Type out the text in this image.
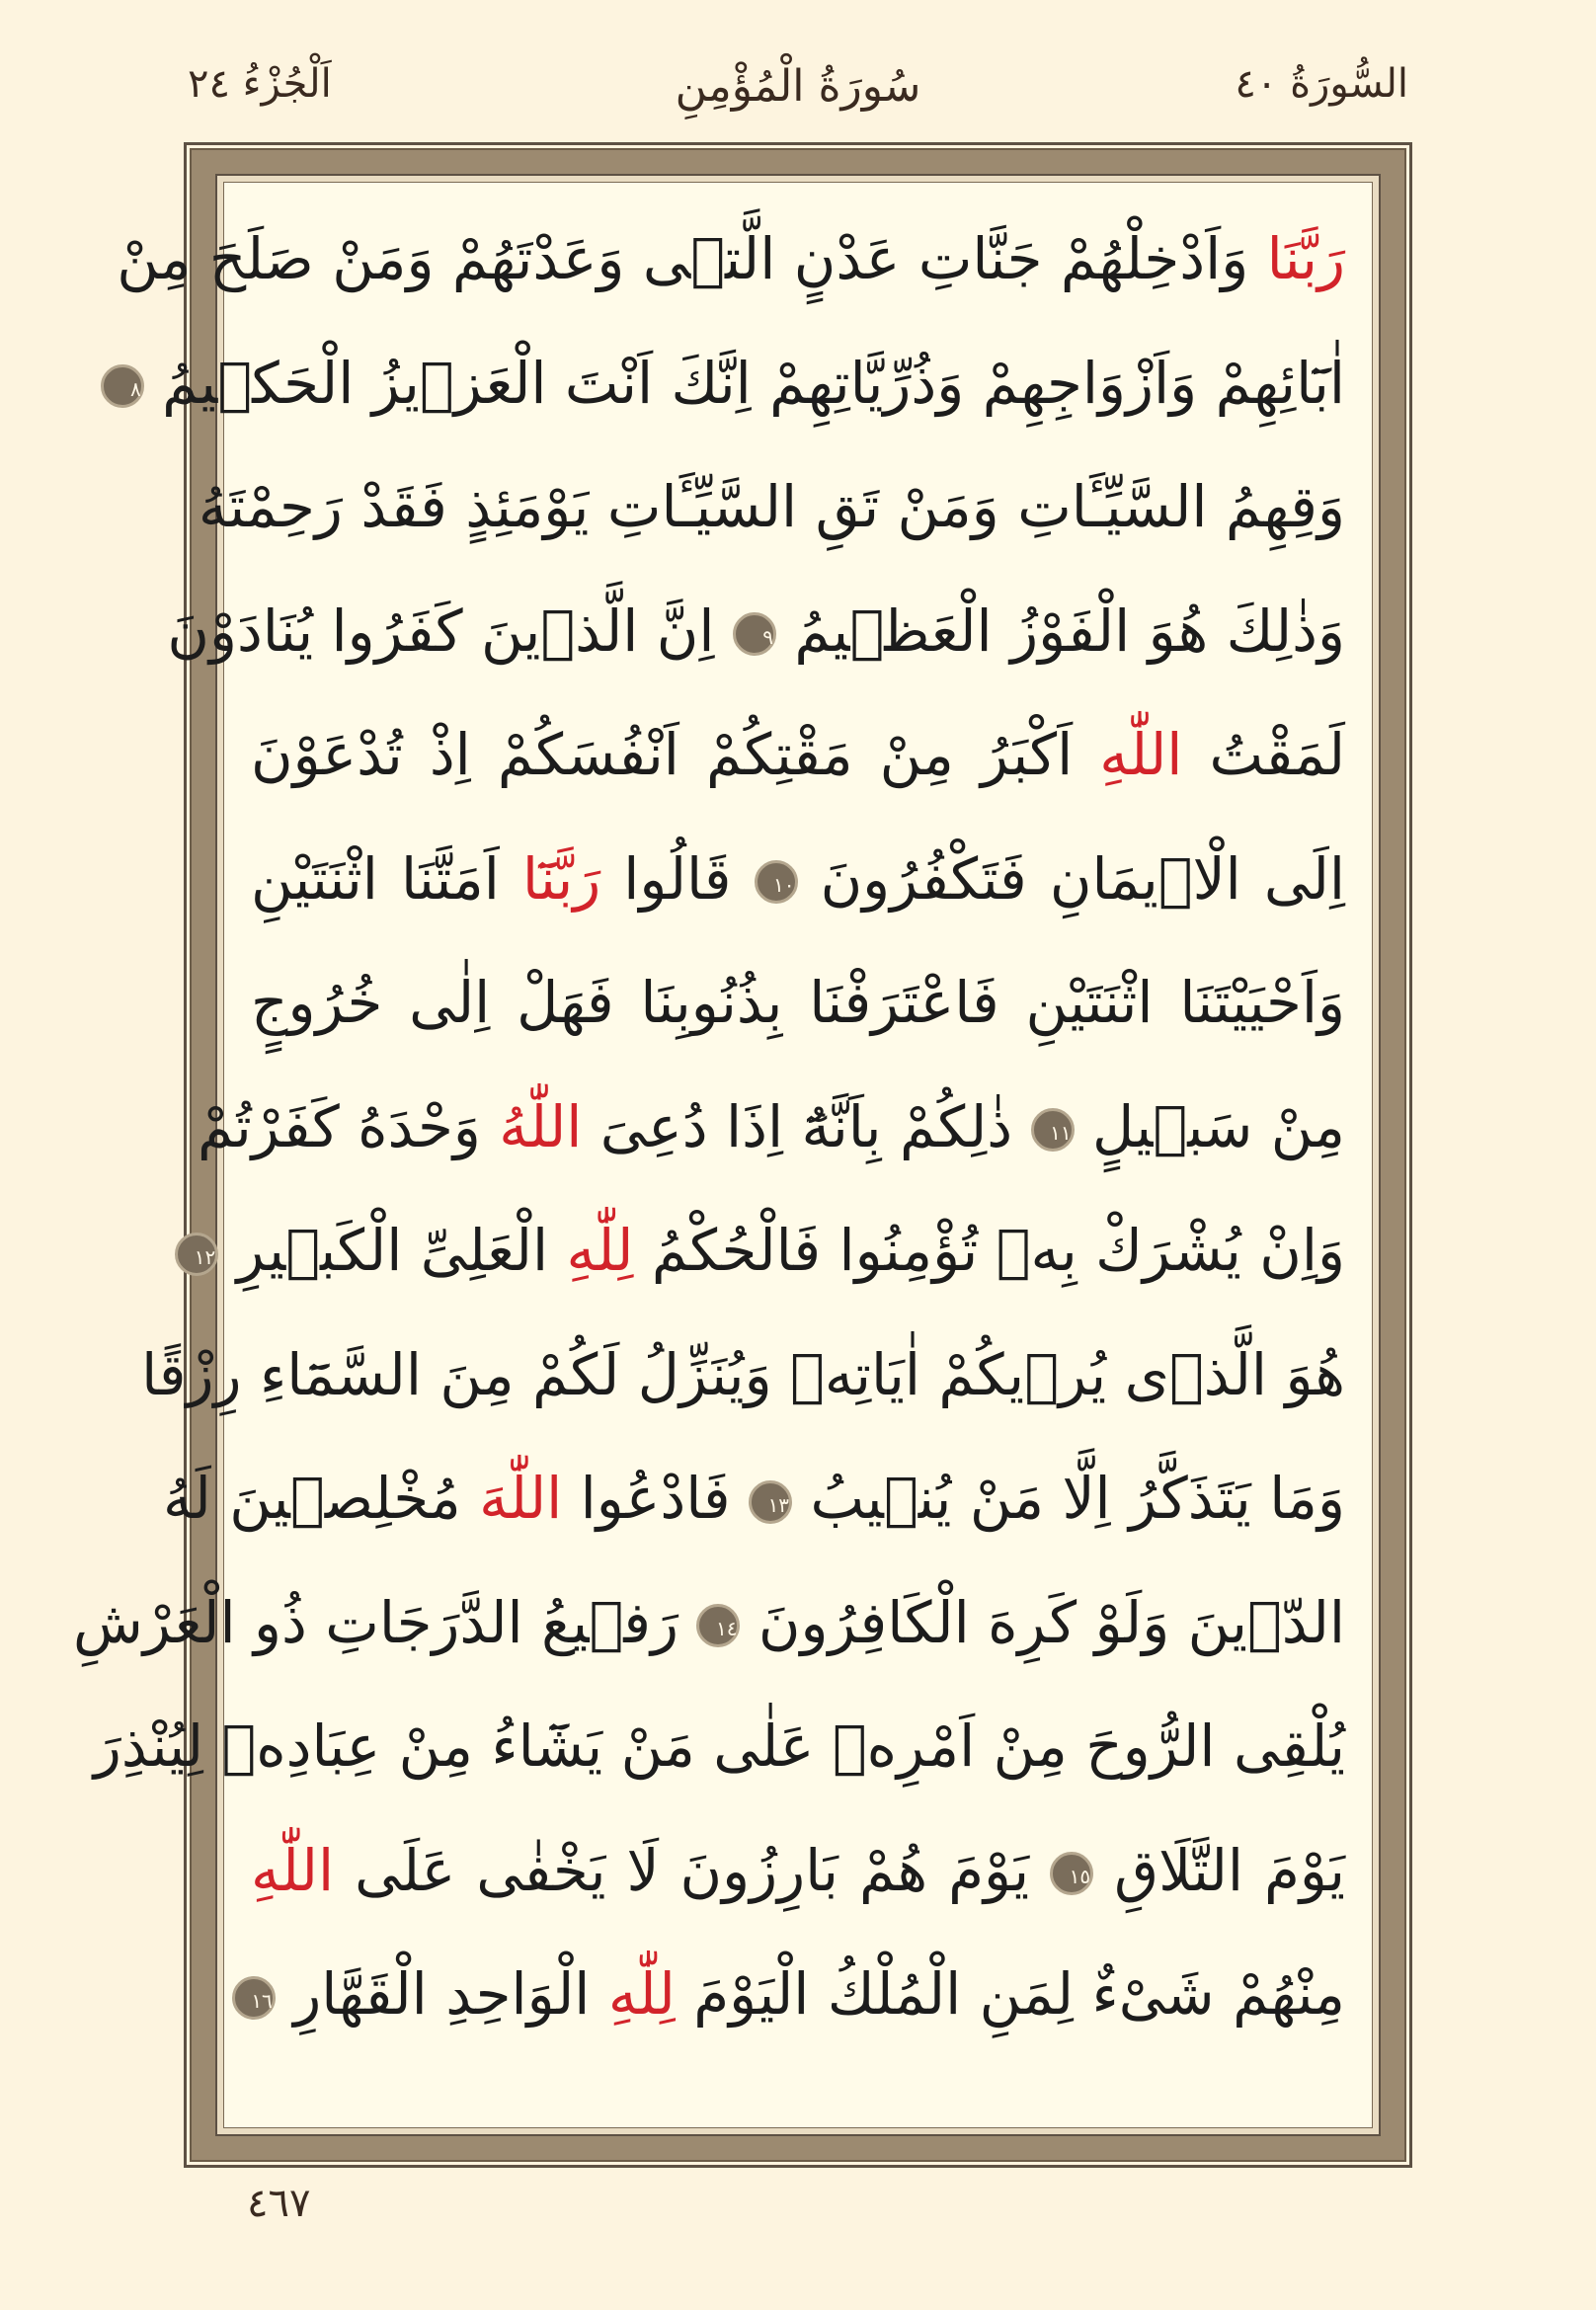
السُّورَةُ ٤٠
سُورَةُ الْمُؤْمِنِ
اَلْجُزْءُ ٢٤
رَبَّنَا وَاَدْخِلْهُمْ جَنَّاتِ عَدْنٍ الَّتٖى وَعَدْتَهُمْ وَمَنْ صَلَحَ مِنْ
اٰبَٓائِهِمْ وَاَزْوَاجِهِمْ وَذُرِّيَّاتِهِمْ اِنَّكَ اَنْتَ الْعَزٖيزُ الْحَكٖيمُ ٨
وَقِهِمُ السَّيِّـَٔاتِ وَمَنْ تَقِ السَّيِّـَٔاتِ يَوْمَئِذٍ فَقَدْ رَحِمْتَهُ
وَذٰلِكَ هُوَ الْفَوْزُ الْعَظٖيمُ ٩ اِنَّ الَّذٖينَ كَفَرُوا يُنَادَوْنَ
لَمَقْتُ اللّٰهِ اَكْبَرُ مِنْ مَقْتِكُمْ اَنْفُسَكُمْ اِذْ تُدْعَوْنَ
اِلَى الْاٖيمَانِ فَتَكْفُرُونَ ١٠ قَالُوا رَبَّنَٓا اَمَتَّنَا اثْنَتَيْنِ
وَاَحْيَيْتَنَا اثْنَتَيْنِ فَاعْتَرَفْنَا بِذُنُوبِنَا فَهَلْ اِلٰى خُرُوجٍ
مِنْ سَبٖيلٍ ١١ ذٰلِكُمْ بِاَنَّهُٓ اِذَا دُعِىَ اللّٰهُ وَحْدَهُ كَفَرْتُمْ
وَاِنْ يُشْرَكْ بِهٖ تُؤْمِنُوا فَالْحُكْمُ لِلّٰهِ الْعَلِىِّ الْكَبٖيرِ ١٢
هُوَ الَّذٖى يُرٖيكُمْ اٰيَاتِهٖ وَيُنَزِّلُ لَكُمْ مِنَ السَّمَٓاءِ رِزْقًا
وَمَا يَتَذَكَّرُ اِلَّا مَنْ يُنٖيبُ ١٣ فَادْعُوا اللّٰهَ مُخْلِصٖينَ لَهُ
الدّٖينَ وَلَوْ كَرِهَ الْكَافِرُونَ ١٤ رَفٖيعُ الدَّرَجَاتِ ذُو الْعَرْشِ
يُلْقِى الرُّوحَ مِنْ اَمْرِهٖ عَلٰى مَنْ يَشَٓاءُ مِنْ عِبَادِهٖ لِيُنْذِرَ
يَوْمَ التَّلَاقِ ١٥ يَوْمَ هُمْ بَارِزُونَ لَا يَخْفٰى عَلَى اللّٰهِ
مِنْهُمْ شَىْءٌ لِمَنِ الْمُلْكُ الْيَوْمَ لِلّٰهِ الْوَاحِدِ الْقَهَّارِ ١٦
٤٦٧
